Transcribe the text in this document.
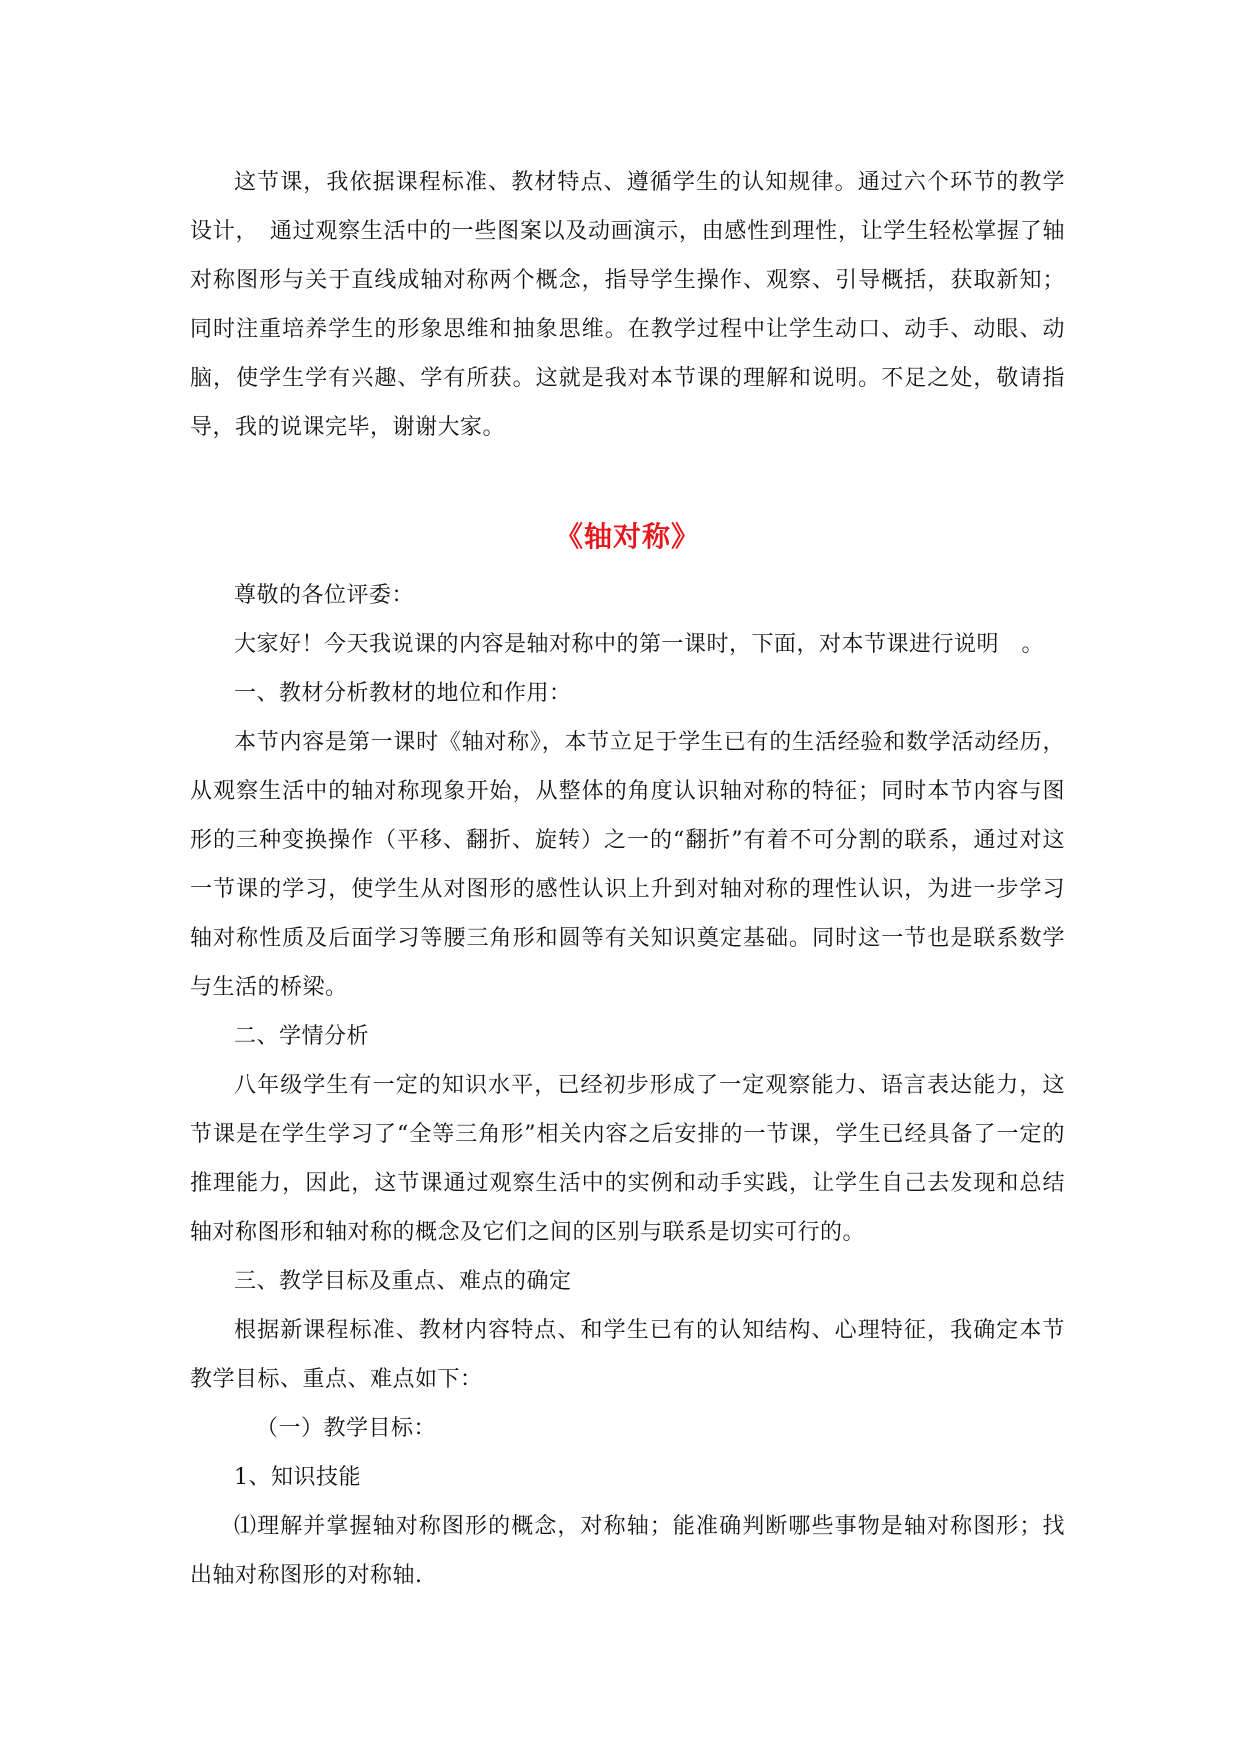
这节课，我依据课程标准、教材特点、遵循学生的认知规律。通过六个环节的教学设计，　通过观察生活中的一些图案以及动画演示，由感性到理性，让学生轻松掌握了轴对称图形与关于直线成轴对称两个概念，指导学生操作、观察、引导概括，获取新知；同时注重培养学生的形象思维和抽象思维。在教学过程中让学生动口、动手、动眼、动脑，使学生学有兴趣、学有所获。这就是我对本节课的理解和说明。不足之处，敬请指导，我的说课完毕，谢谢大家。

《轴对称》

尊敬的各位评委：

大家好！今天我说课的内容是轴对称中的第一课时，下面，对本节课进行说明　。

一、教材分析教材的地位和作用：

本节内容是第一课时《轴对称》，本节立足于学生已有的生活经验和数学活动经历，从观察生活中的轴对称现象开始，从整体的角度认识轴对称的特征；同时本节内容与图形的三种变换操作（平移、翻折、旋转）之一的“翻折”有着不可分割的联系，通过对这一节课的学习，使学生从对图形的感性认识上升到对轴对称的理性认识，为进一步学习轴对称性质及后面学习等腰三角形和圆等有关知识奠定基础。同时这一节也是联系数学与生活的桥梁。

二、学情分析

八年级学生有一定的知识水平，已经初步形成了一定观察能力、语言表达能力，这节课是在学生学习了“全等三角形”相关内容之后安排的一节课，学生已经具备了一定的推理能力，因此，这节课通过观察生活中的实例和动手实践，让学生自己去发现和总结轴对称图形和轴对称的概念及它们之间的区别与联系是切实可行的。

三、教学目标及重点、难点的确定

根据新课程标准、教材内容特点、和学生已有的认知结构、心理特征，我确定本节教学目标、重点、难点如下：

（一）教学目标：

1、知识技能

⑴理解并掌握轴对称图形的概念，对称轴；能准确判断哪些事物是轴对称图形；找出轴对称图形的对称轴.
